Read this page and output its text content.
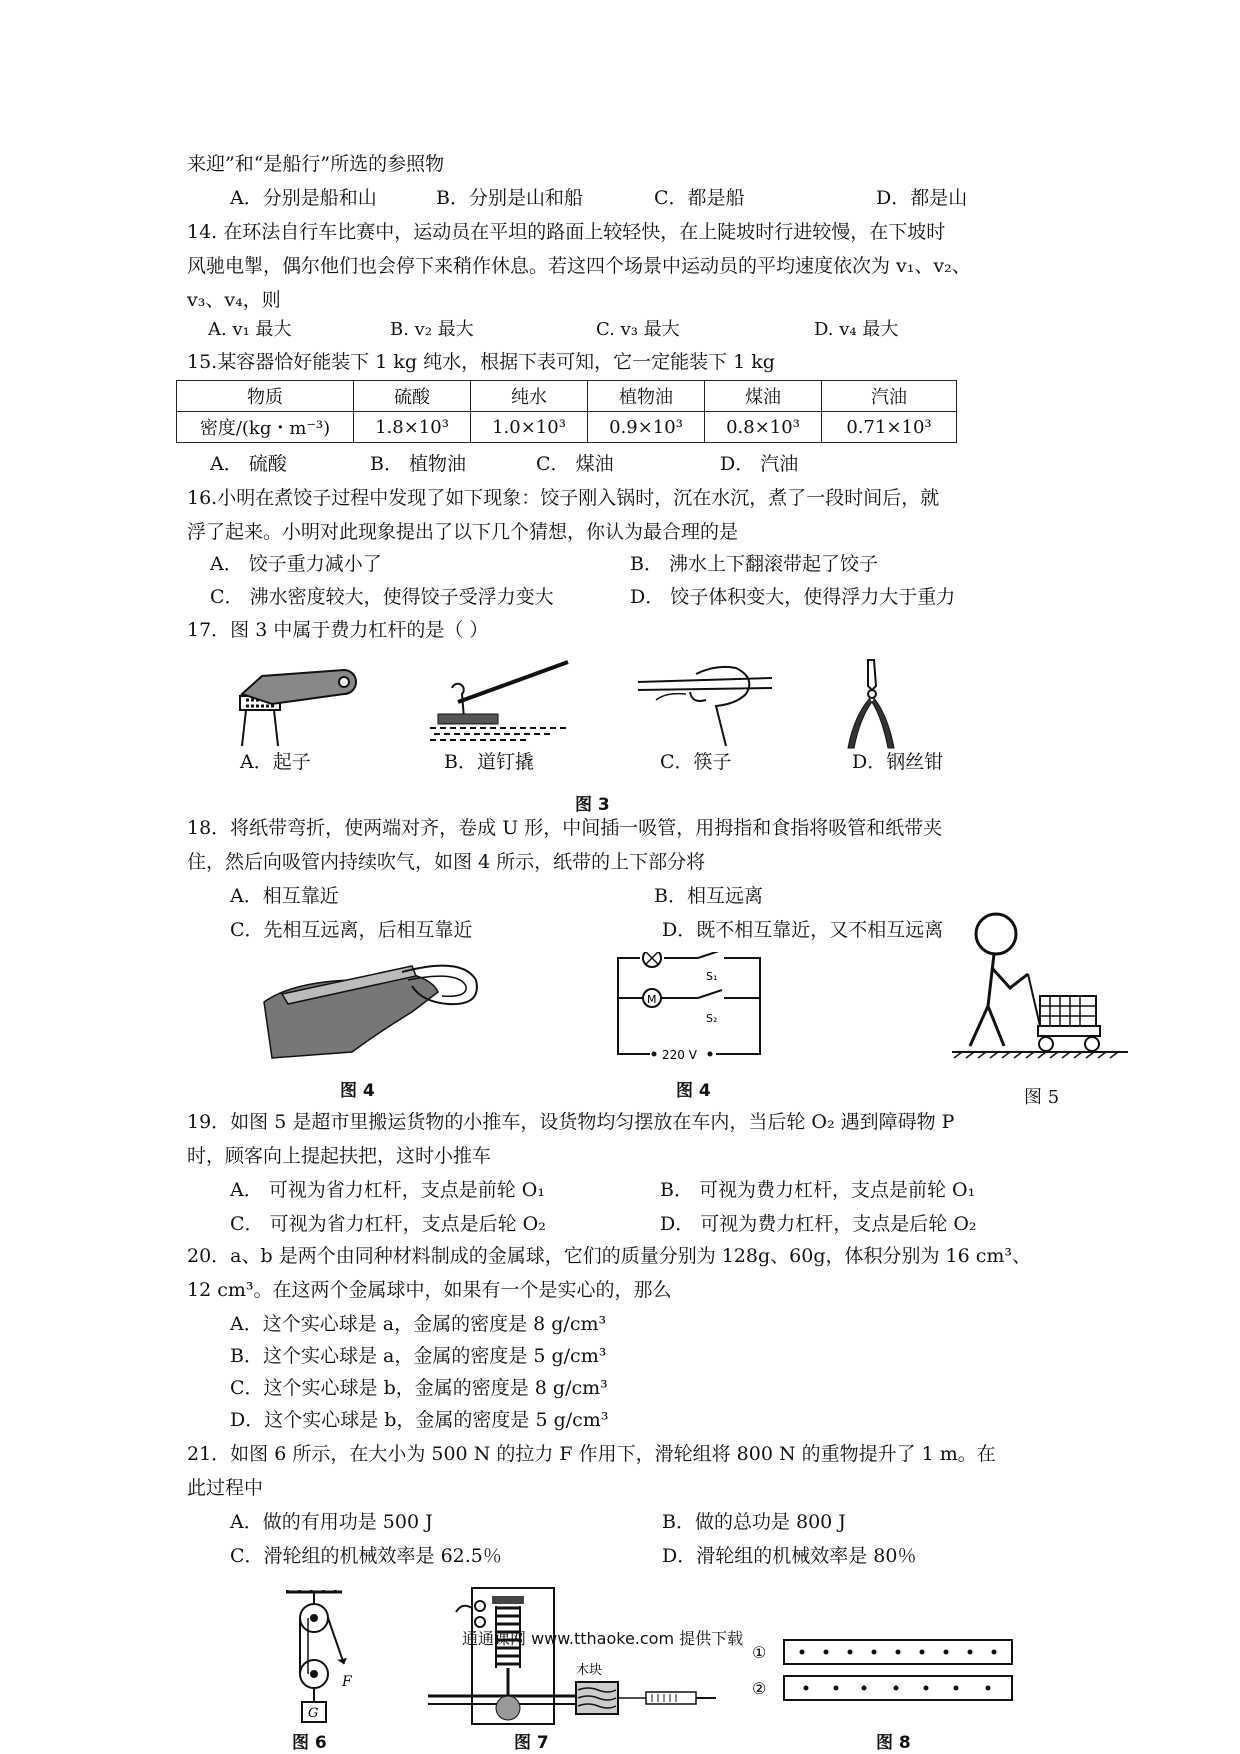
来迎”和“是船行”所选的参照物
A．分别是船和山	B．分别是山和船	C．都是船	D．都是山
14. 在环法自行车比赛中，运动员在平坦的路面上较轻快，在上陡坡时行进较慢，在下坡时
风驰电掣，偶尔他们也会停下来稍作休息。若这四个场景中运动员的平均速度依次为 v₁、v₂、
v₃、v₄，则
A. v₁ 最大	B. v₂ 最大	C. v₃ 最大	D. v₄ 最大
15.某容器恰好能装下 1 kg 纯水，根据下表可知，它一定能装下 1 kg
物质	硫酸	纯水	植物油	煤油	汽油
密度/(kg・m⁻³)	1.8×10³	1.0×10³	0.9×10³	0.8×10³	0.71×10³
A． 硫酸	B． 植物油	C． 煤油	D． 汽油
16.小明在煮饺子过程中发现了如下现象：饺子刚入锅时，沉在水沉，煮了一段时间后，就
浮了起来。小明对此现象提出了以下几个猜想，你认为最合理的是
A． 饺子重力减小了	B． 沸水上下翻滚带起了饺子
C． 沸水密度较大，使得饺子受浮力变大	D． 饺子体积变大，使得浮力大于重力
17．图 3 中属于费力杠杆的是（ ）
A．起子	B．道钉撬	C．筷子	D．钢丝钳
图 3
18．将纸带弯折，使两端对齐，卷成 U 形，中间插一吸管，用拇指和食指将吸管和纸带夹
住，然后向吸管内持续吹气，如图 4 所示，纸带的上下部分将
A．相互靠近	B．相互远离
C．先相互远离，后相互靠近	D．既不相互靠近，又不相互远离
图 4
M
S₁
S₂
220 V
图 4	图 5
19．如图 5 是超市里搬运货物的小推车，设货物均匀摆放在车内，当后轮 O₂ 遇到障碍物 P
时，顾客向上提起扶把，这时小推车
A． 可视为省力杠杆，支点是前轮 O₁	B． 可视为费力杠杆，支点是前轮 O₁
C． 可视为省力杠杆，支点是后轮 O₂	D． 可视为费力杠杆，支点是后轮 O₂
20．a、b 是两个由同种材料制成的金属球，它们的质量分别为 128g、60g，体积分别为 16 cm³、
12 cm³。在这两个金属球中，如果有一个是实心的，那么
A．这个实心球是 a，金属的密度是 8 g/cm³
B．这个实心球是 a，金属的密度是 5 g/cm³
C．这个实心球是 b，金属的密度是 8 g/cm³
D．这个实心球是 b，金属的密度是 5 g/cm³
21．如图 6 所示，在大小为 500 N 的拉力 F 作用下，滑轮组将 800 N 的重物提升了 1 m。在
此过程中
A．做的有用功是 500 J	B．做的总功是 800 J
C．滑轮组的机械效率是 62.5％	D．滑轮组的机械效率是 80％
F
G
图 6
木块
图 7
①
②
图 8
通通课网 www.tthaoke.com 提供下载
